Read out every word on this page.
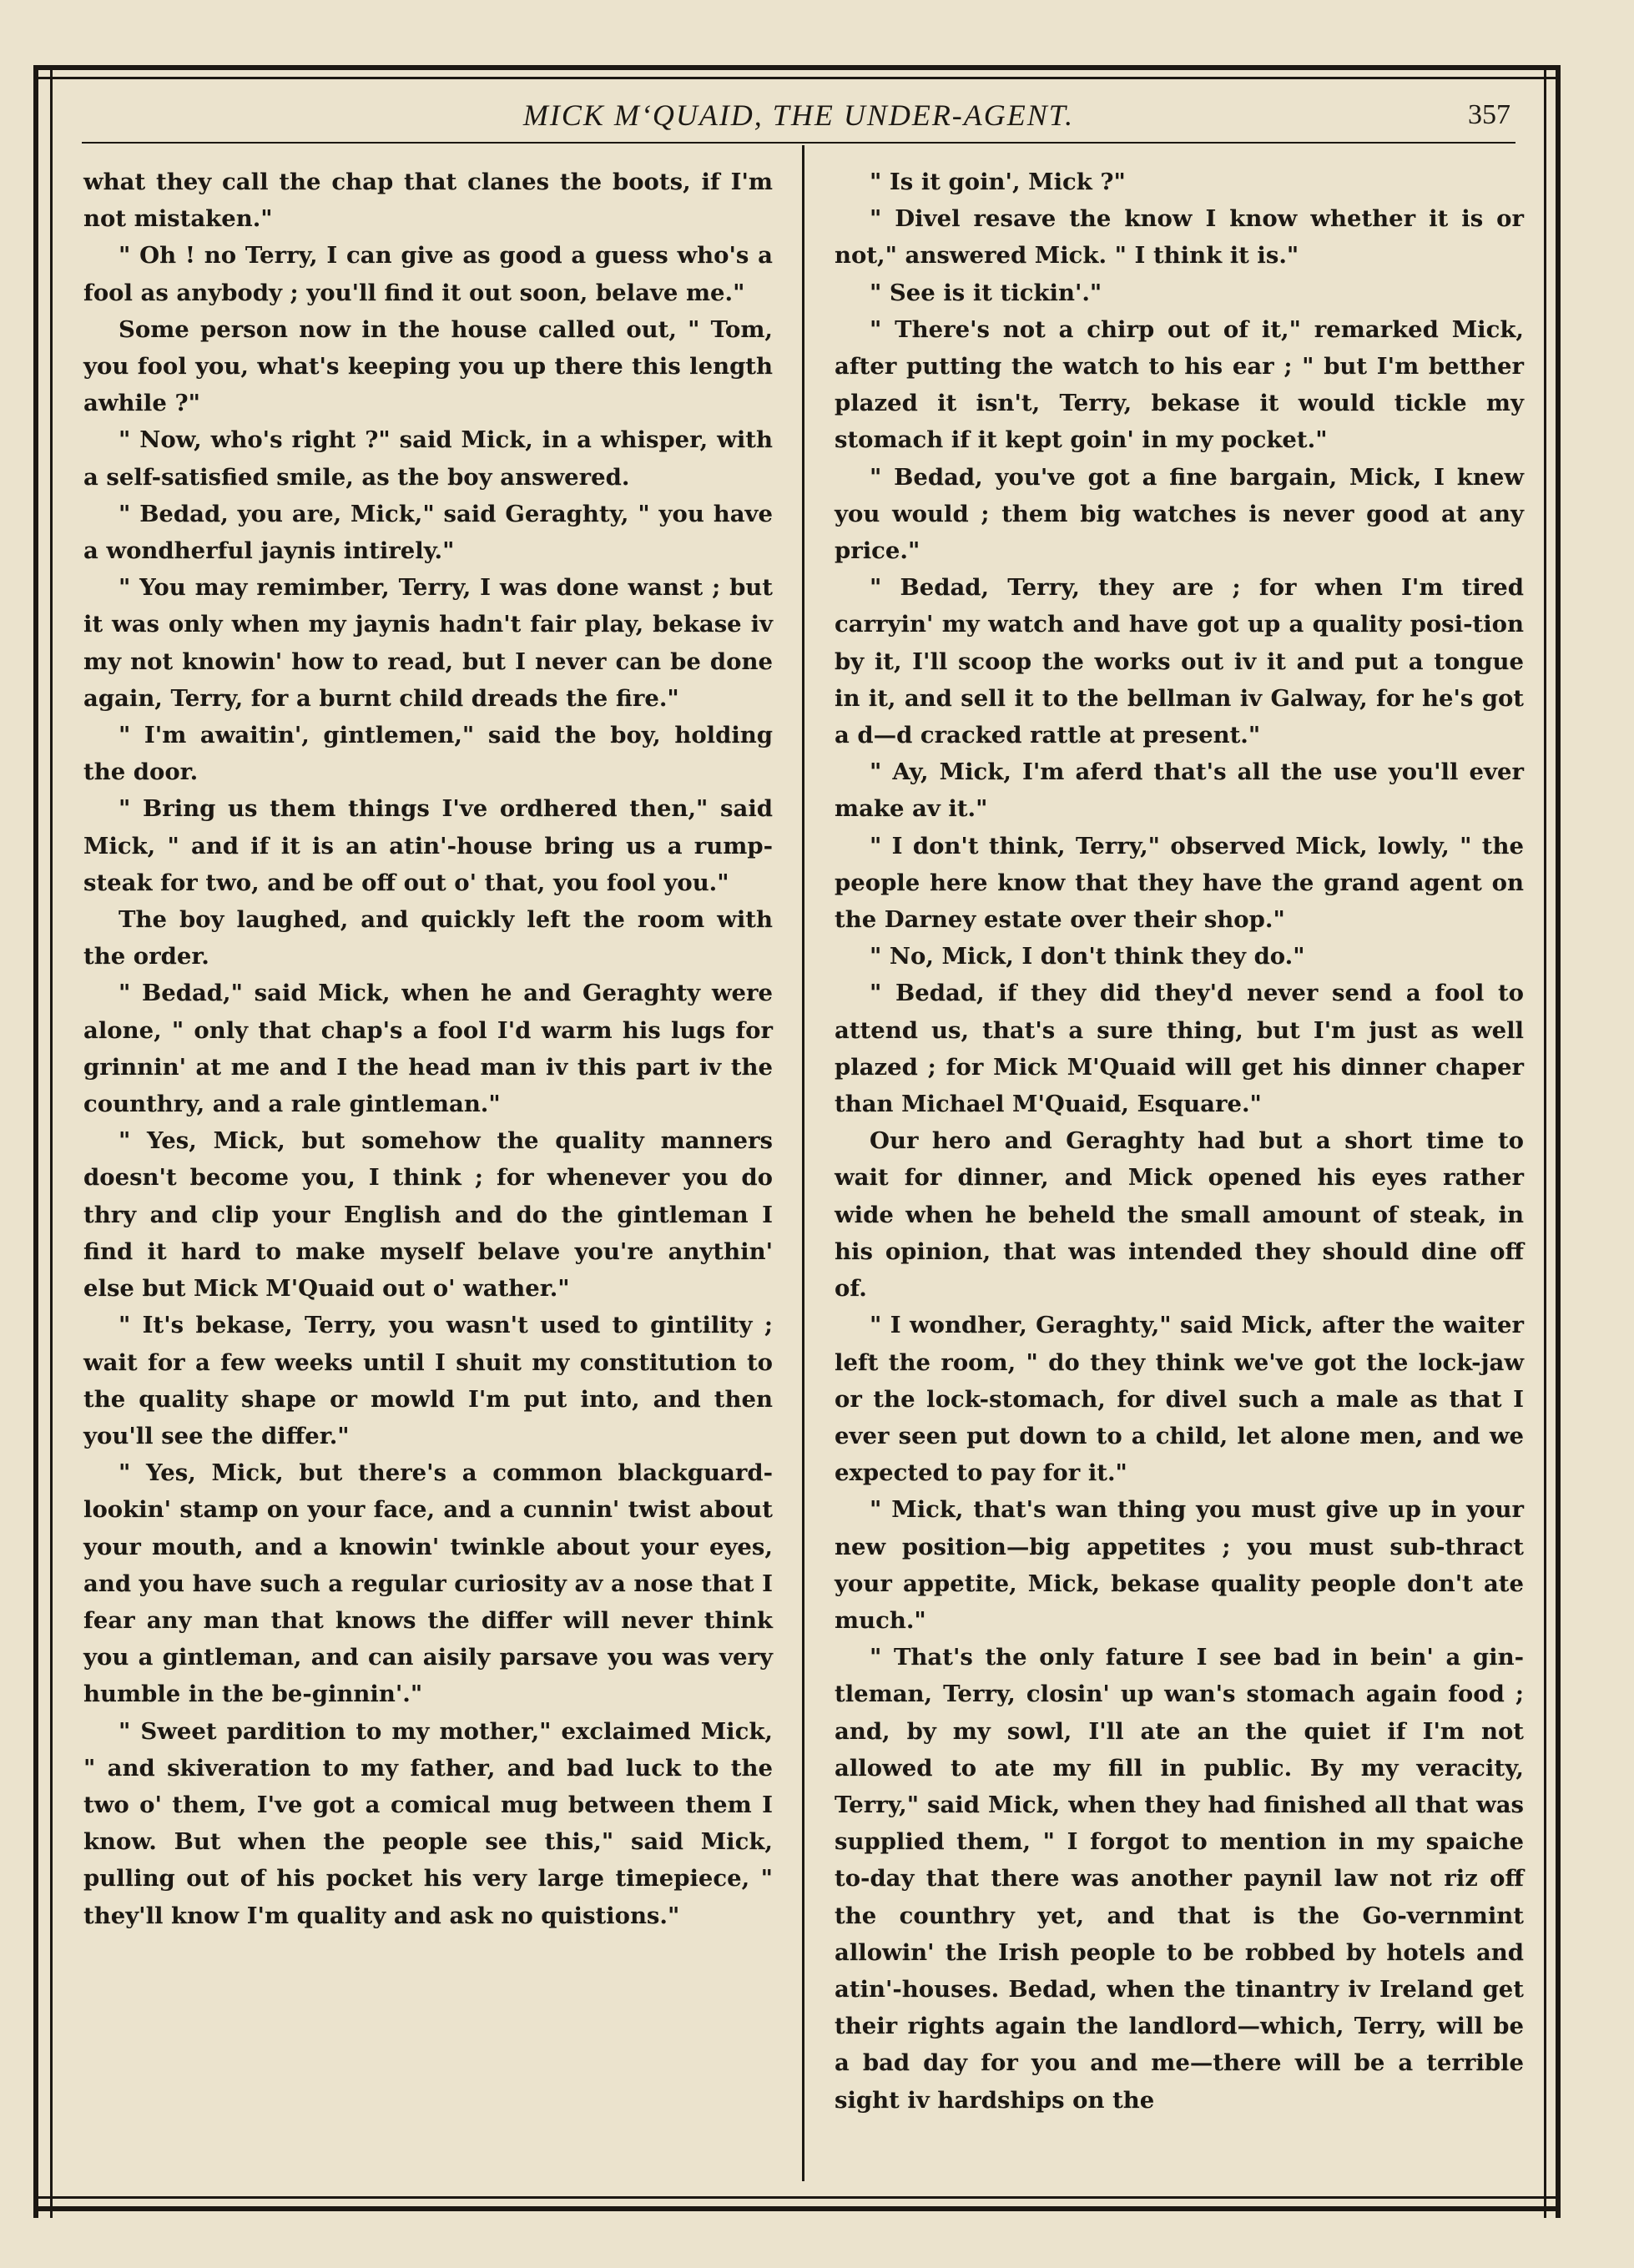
MICK M‘QUAID, THE UNDER-AGENT.	357

what they call the chap that clanes the boots, if I'm not mistaken."

" Oh ! no Terry, I can give as good a guess who's a fool as anybody ; you'll find it out soon, belave me."

Some person now in the house called out, " Tom, you fool you, what's keeping you up there this length awhile ?"

" Now, who's right ?" said Mick, in a whisper, with a self-satisfied smile, as the boy answered.

" Bedad, you are, Mick," said Geraghty, " you have a wondherful jaynis intirely."

" You may remimber, Terry, I was done wanst ; but it was only when my jaynis hadn't fair play, bekase iv my not knowin' how to read, but I never can be done again, Terry, for a burnt child dreads the fire."

" I'm awaitin', gintlemen," said the boy, holding the door.

" Bring us them things I've ordhered then," said Mick, " and if it is an atin'-house bring us a rump-steak for two, and be off out o' that, you fool you."

The boy laughed, and quickly left the room with the order.

" Bedad," said Mick, when he and Geraghty were alone, " only that chap's a fool I'd warm his lugs for grinnin' at me and I the head man iv this part iv the counthry, and a rale gintleman."

" Yes, Mick, but somehow the quality manners doesn't become you, I think ; for whenever you do thry and clip your English and do the gintleman I find it hard to make myself belave you're anythin' else but Mick M'Quaid out o' wather."

" It's bekase, Terry, you wasn't used to gintility ; wait for a few weeks until I shuit my constitution to the quality shape or mowld I'm put into, and then you'll see the differ."

" Yes, Mick, but there's a common blackguard-lookin' stamp on your face, and a cunnin' twist about your mouth, and a knowin' twinkle about your eyes, and you have such a regular curiosity av a nose that I fear any man that knows the differ will never think you a gintleman, and can aisily parsave you was very humble in the be-ginnin'."

" Sweet pardition to my mother," exclaimed Mick, " and skiveration to my father, and bad luck to the two o' them, I've got a comical mug between them I know. But when the people see this," said Mick, pulling out of his pocket his very large timepiece, " they'll know I'm quality and ask no quistions."

" Is it goin', Mick ?"

" Divel resave the know I know whether it is or not," answered Mick. " I think it is."

" See is it tickin'."

" There's not a chirp out of it," remarked Mick, after putting the watch to his ear ; " but I'm betther plazed it isn't, Terry, bekase it would tickle my stomach if it kept goin' in my pocket."

" Bedad, you've got a fine bargain, Mick, I knew you would ; them big watches is never good at any price."

" Bedad, Terry, they are ; for when I'm tired carryin' my watch and have got up a quality posi-tion by it, I'll scoop the works out iv it and put a tongue in it, and sell it to the bellman iv Galway, for he's got a d—d cracked rattle at present."

" Ay, Mick, I'm aferd that's all the use you'll ever make av it."

" I don't think, Terry," observed Mick, lowly, " the people here know that they have the grand agent on the Darney estate over their shop."

" No, Mick, I don't think they do."

" Bedad, if they did they'd never send a fool to attend us, that's a sure thing, but I'm just as well plazed ; for Mick M'Quaid will get his dinner chaper than Michael M'Quaid, Esquare."

Our hero and Geraghty had but a short time to wait for dinner, and Mick opened his eyes rather wide when he beheld the small amount of steak, in his opinion, that was intended they should dine off of.

" I wondher, Geraghty," said Mick, after the waiter left the room, " do they think we've got the lock-jaw or the lock-stomach, for divel such a male as that I ever seen put down to a child, let alone men, and we expected to pay for it."

" Mick, that's wan thing you must give up in your new position—big appetites ; you must sub-thract your appetite, Mick, bekase quality people don't ate much."

" That's the only fature I see bad in bein' a gin-tleman, Terry, closin' up wan's stomach again food ; and, by my sowl, I'll ate an the quiet if I'm not allowed to ate my fill in public. By my veracity, Terry," said Mick, when they had finished all that was supplied them, " I forgot to mention in my spaiche to-day that there was another paynil law not riz off the counthry yet, and that is the Go-vernmint allowin' the Irish people to be robbed by hotels and atin'-houses. Bedad, when the tinantry iv Ireland get their rights again the landlord—which, Terry, will be a bad day for you and me—there will be a terrible sight iv hardships on the
